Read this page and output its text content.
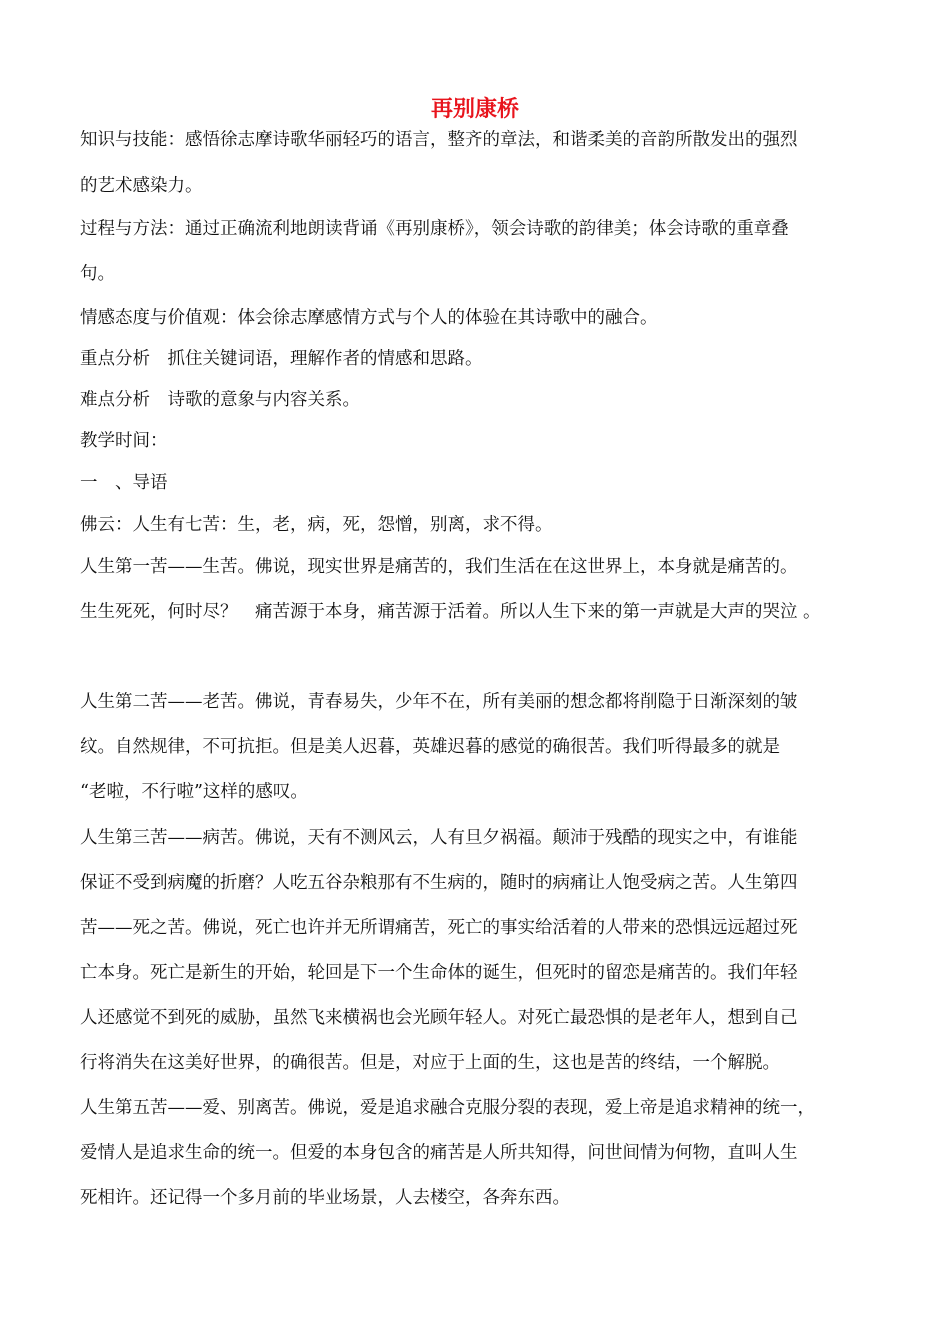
再别康桥
知识与技能：感悟徐志摩诗歌华丽轻巧的语言，整齐的章法，和谐柔美的音韵所散发出的强烈
的艺术感染力。
过程与方法：通过正确流利地朗读背诵《再别康桥》，领会诗歌的韵律美；体会诗歌的重章叠
句。
情感态度与价值观：体会徐志摩感情方式与个人的体验在其诗歌中的融合。
重点分析　抓住关键词语，理解作者的情感和思路。
难点分析　诗歌的意象与内容关系。
教学时间：
一　、导语
佛云：人生有七苦：生，老，病，死，怨憎，别离，求不得。
人生第一苦——生苦。佛说，现实世界是痛苦的，我们生活在在这世界上，本身就是痛苦的。
生生死死，何时尽？　痛苦源于本身，痛苦源于活着。所以人生下来的第一声就是大声的哭泣 。
人生第二苦——老苦。佛说，青春易失，少年不在，所有美丽的想念都将削隐于日渐深刻的皱
纹。自然规律，不可抗拒。但是美人迟暮，英雄迟暮的感觉的确很苦。我们听得最多的就是
“老啦，不行啦”这样的感叹。
人生第三苦——病苦。佛说，天有不测风云，人有旦夕祸福。颠沛于残酷的现实之中，有谁能
保证不受到病魔的折磨？人吃五谷杂粮那有不生病的，随时的病痛让人饱受病之苦。人生第四
苦——死之苦。佛说，死亡也许并无所谓痛苦，死亡的事实给活着的人带来的恐惧远远超过死
亡本身。死亡是新生的开始，轮回是下一个生命体的诞生，但死时的留恋是痛苦的。我们年轻
人还感觉不到死的威胁，虽然飞来横祸也会光顾年轻人。对死亡最恐惧的是老年人，想到自己
行将消失在这美好世界，的确很苦。但是，对应于上面的生，这也是苦的终结，一个解脱。
人生第五苦——爱、别离苦。佛说，爱是追求融合克服分裂的表现，爱上帝是追求精神的统一，
爱情人是追求生命的统一。但爱的本身包含的痛苦是人所共知得，问世间情为何物，直叫人生
死相许。还记得一个多月前的毕业场景，人去楼空，各奔东西。
